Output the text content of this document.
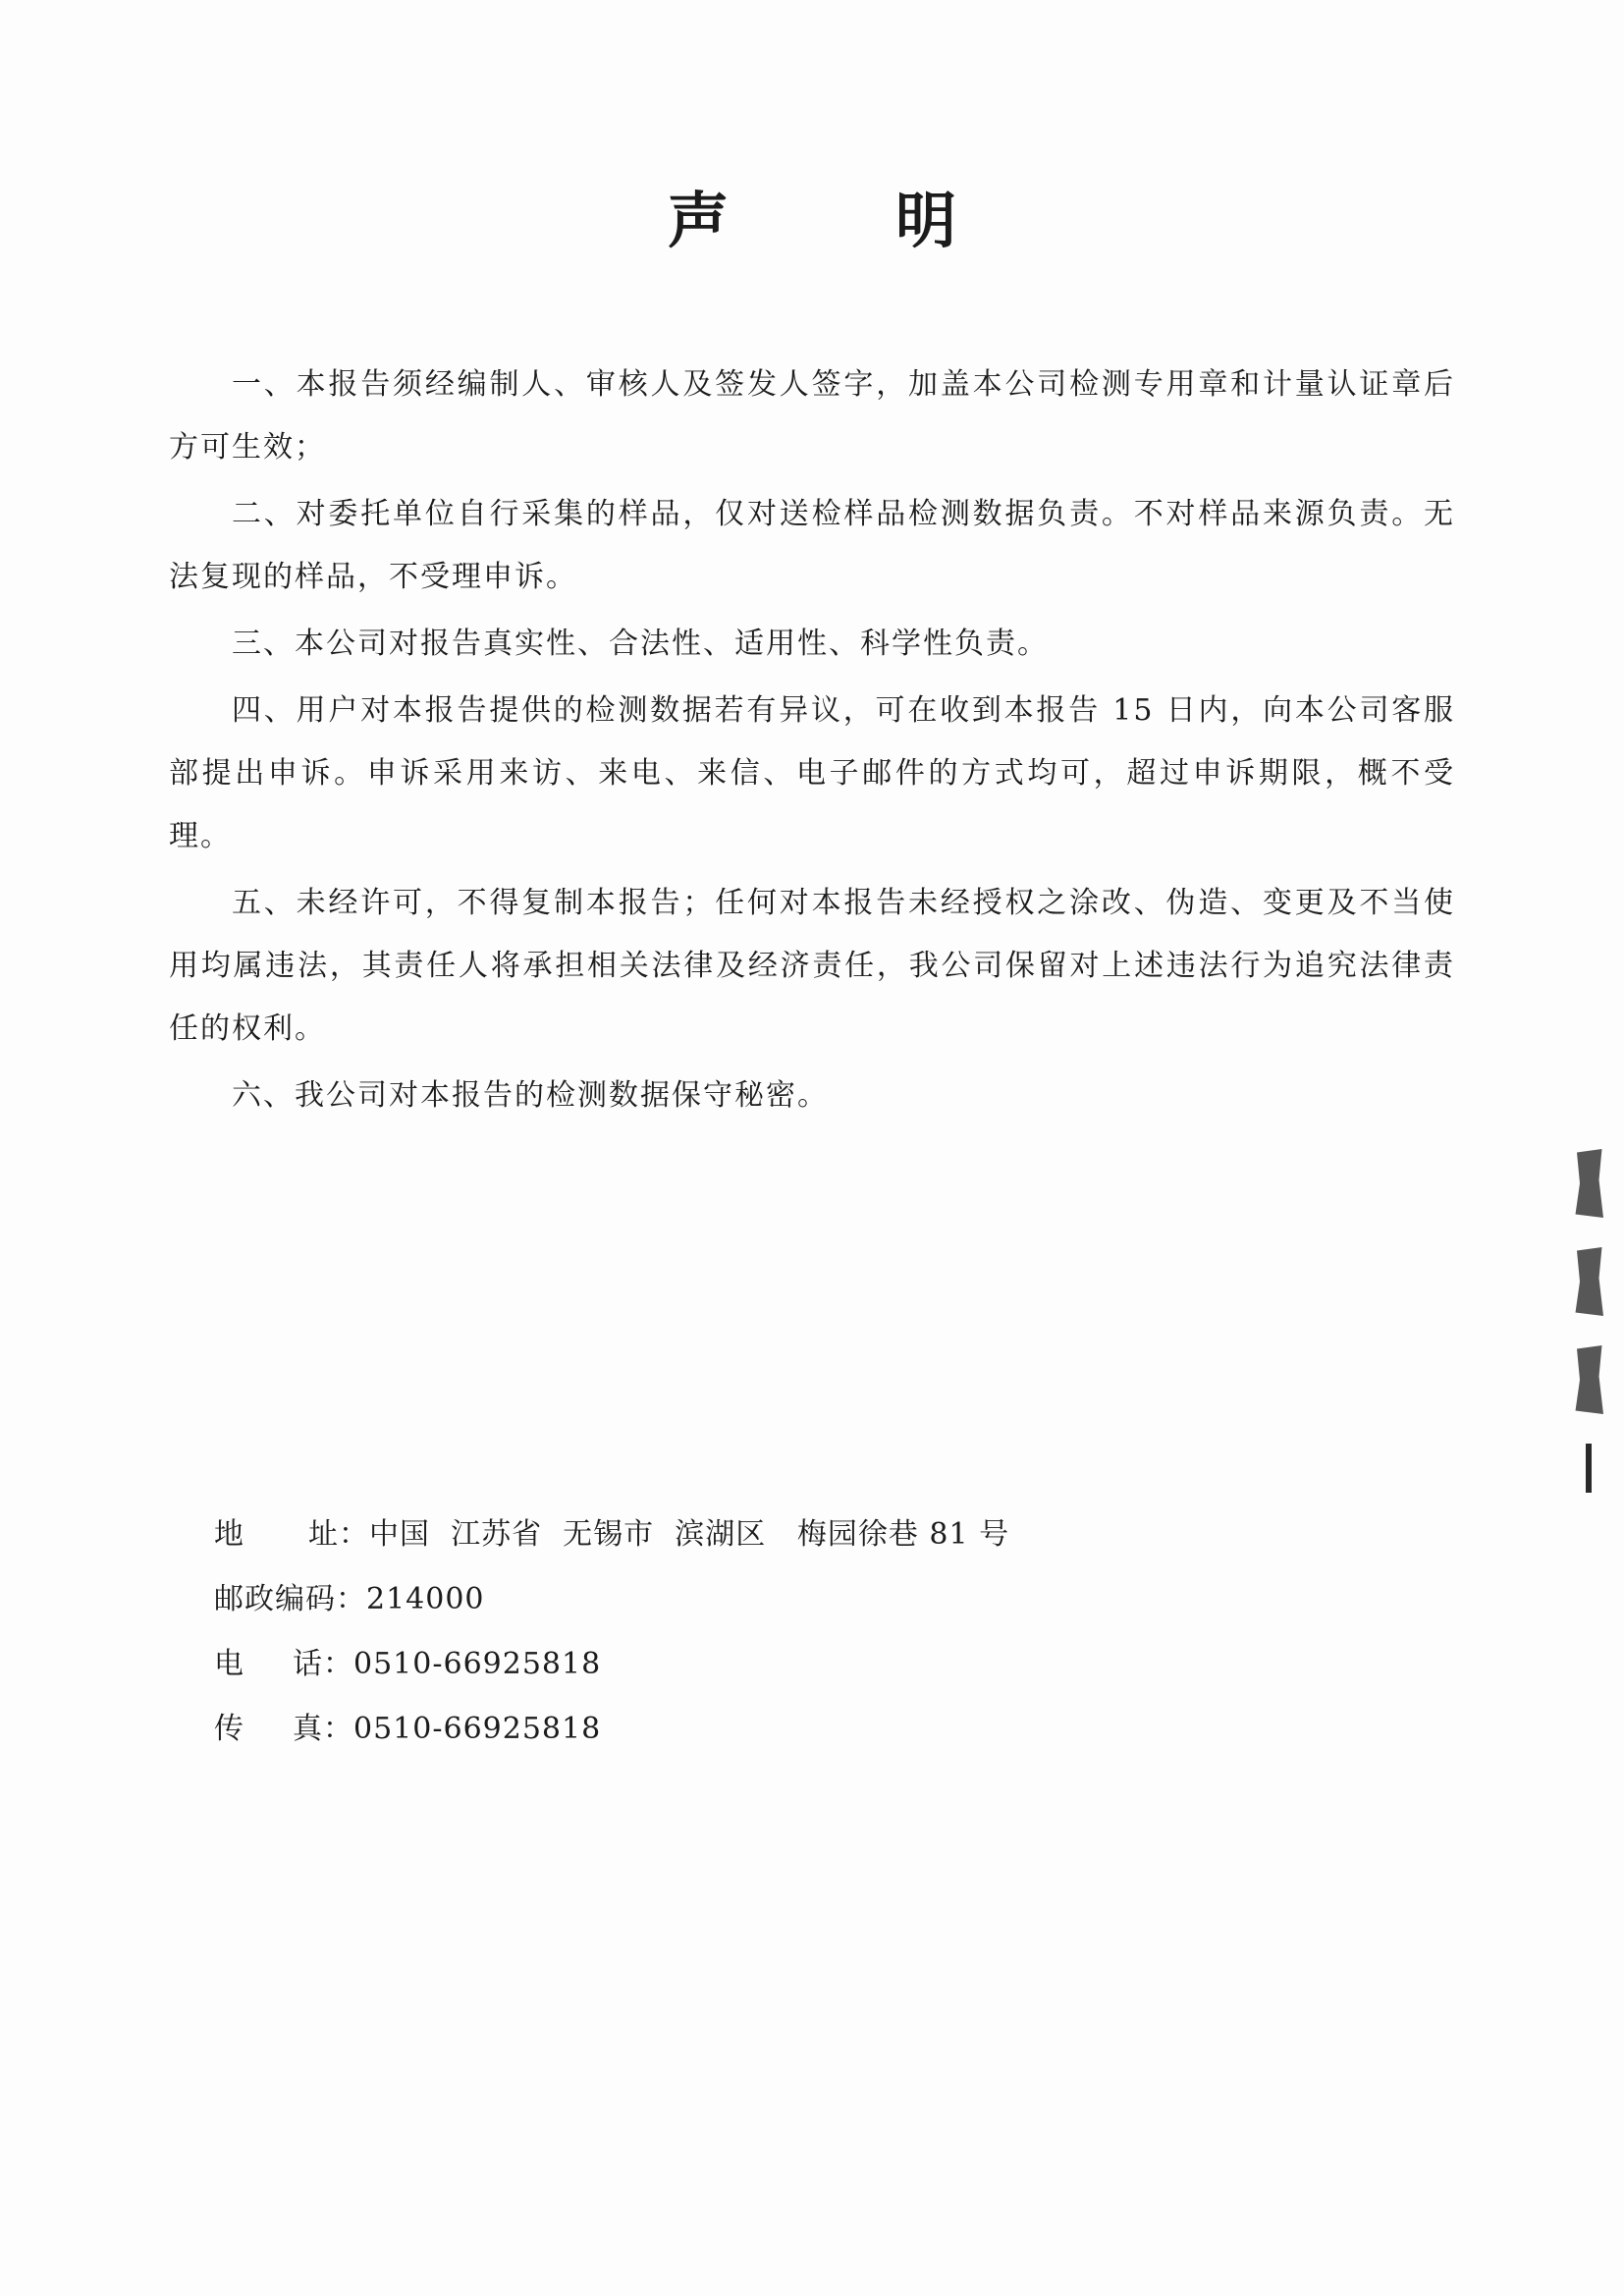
声	明

一、本报告须经编制人、审核人及签发人签字，加盖本公司检测专用章和计量认证章后方可生效；

二、对委托单位自行采集的样品，仅对送检样品检测数据负责。不对样品来源负责。无法复现的样品，不受理申诉。

三、本公司对报告真实性、合法性、适用性、科学性负责。

四、用户对本报告提供的检测数据若有异议，可在收到本报告 15 日内，向本公司客服部提出申诉。申诉采用来访、来电、来信、电子邮件的方式均可，超过申诉期限，概不受理。

五、未经许可，不得复制本报告；任何对本报告未经授权之涂改、伪造、变更及不当使用均属违法，其责任人将承担相关法律及经济责任，我公司保留对上述违法行为追究法律责任的权利。

六、我公司对本报告的检测数据保守秘密。

地 址： 中国  江苏省  无锡市  滨湖区   梅园徐巷 81 号
邮政编码： 214000
电 话： 0510-66925818
传 真： 0510-66925818
